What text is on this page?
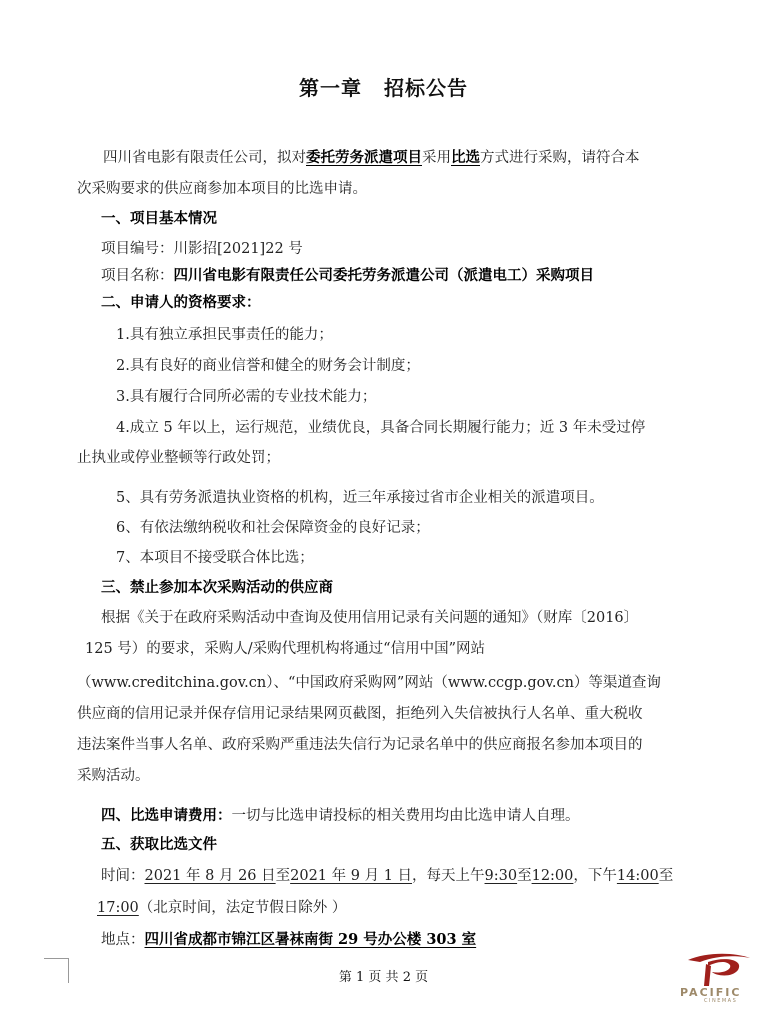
第一章 招标公告
四川省电影有限责任公司，拟对委托劳务派遣项目采用比选方式进行采购，请符合本
次采购要求的供应商参加本项目的比选申请。
一、项目基本情况
项目编号：川影招[2021]22 号
项目名称：四川省电影有限责任公司委托劳务派遣公司（派遣电工）采购项目
二、申请人的资格要求：
1.具有独立承担民事责任的能力；
2.具有良好的商业信誉和健全的财务会计制度；
3.具有履行合同所必需的专业技术能力；
4.成立 5 年以上，运行规范，业绩优良，具备合同长期履行能力；近 3 年未受过停
止执业或停业整顿等行政处罚；
5、具有劳务派遣执业资格的机构，近三年承接过省市企业相关的派遣项目。
6、有依法缴纳税收和社会保障资金的良好记录；
7、本项目不接受联合体比选；
三、禁止参加本次采购活动的供应商
根据《关于在政府采购活动中查询及使用信用记录有关问题的通知》（财库〔2016〕
125 号）的要求，采购人/采购代理机构将通过“信用中国”网站
（www.creditchina.gov.cn）、“中国政府采购网”网站（www.ccgp.gov.cn）等渠道查询
供应商的信用记录并保存信用记录结果网页截图，拒绝列入失信被执行人名单、重大税收
违法案件当事人名单、政府采购严重违法失信行为记录名单中的供应商报名参加本项目的
采购活动。
四、比选申请费用：一切与比选申请投标的相关费用均由比选申请人自理。
五、获取比选文件
时间：2021 年 8 月 26 日至2021 年 9 月 1 日，每天上午9:30至12:00，下午14:00至
17:00（北京时间，法定节假日除外 ）
地点：四川省成都市锦江区暑袜南街 29 号办公楼 303 室
第 1 页 共 2 页
PACIFIC
CINEMAS
